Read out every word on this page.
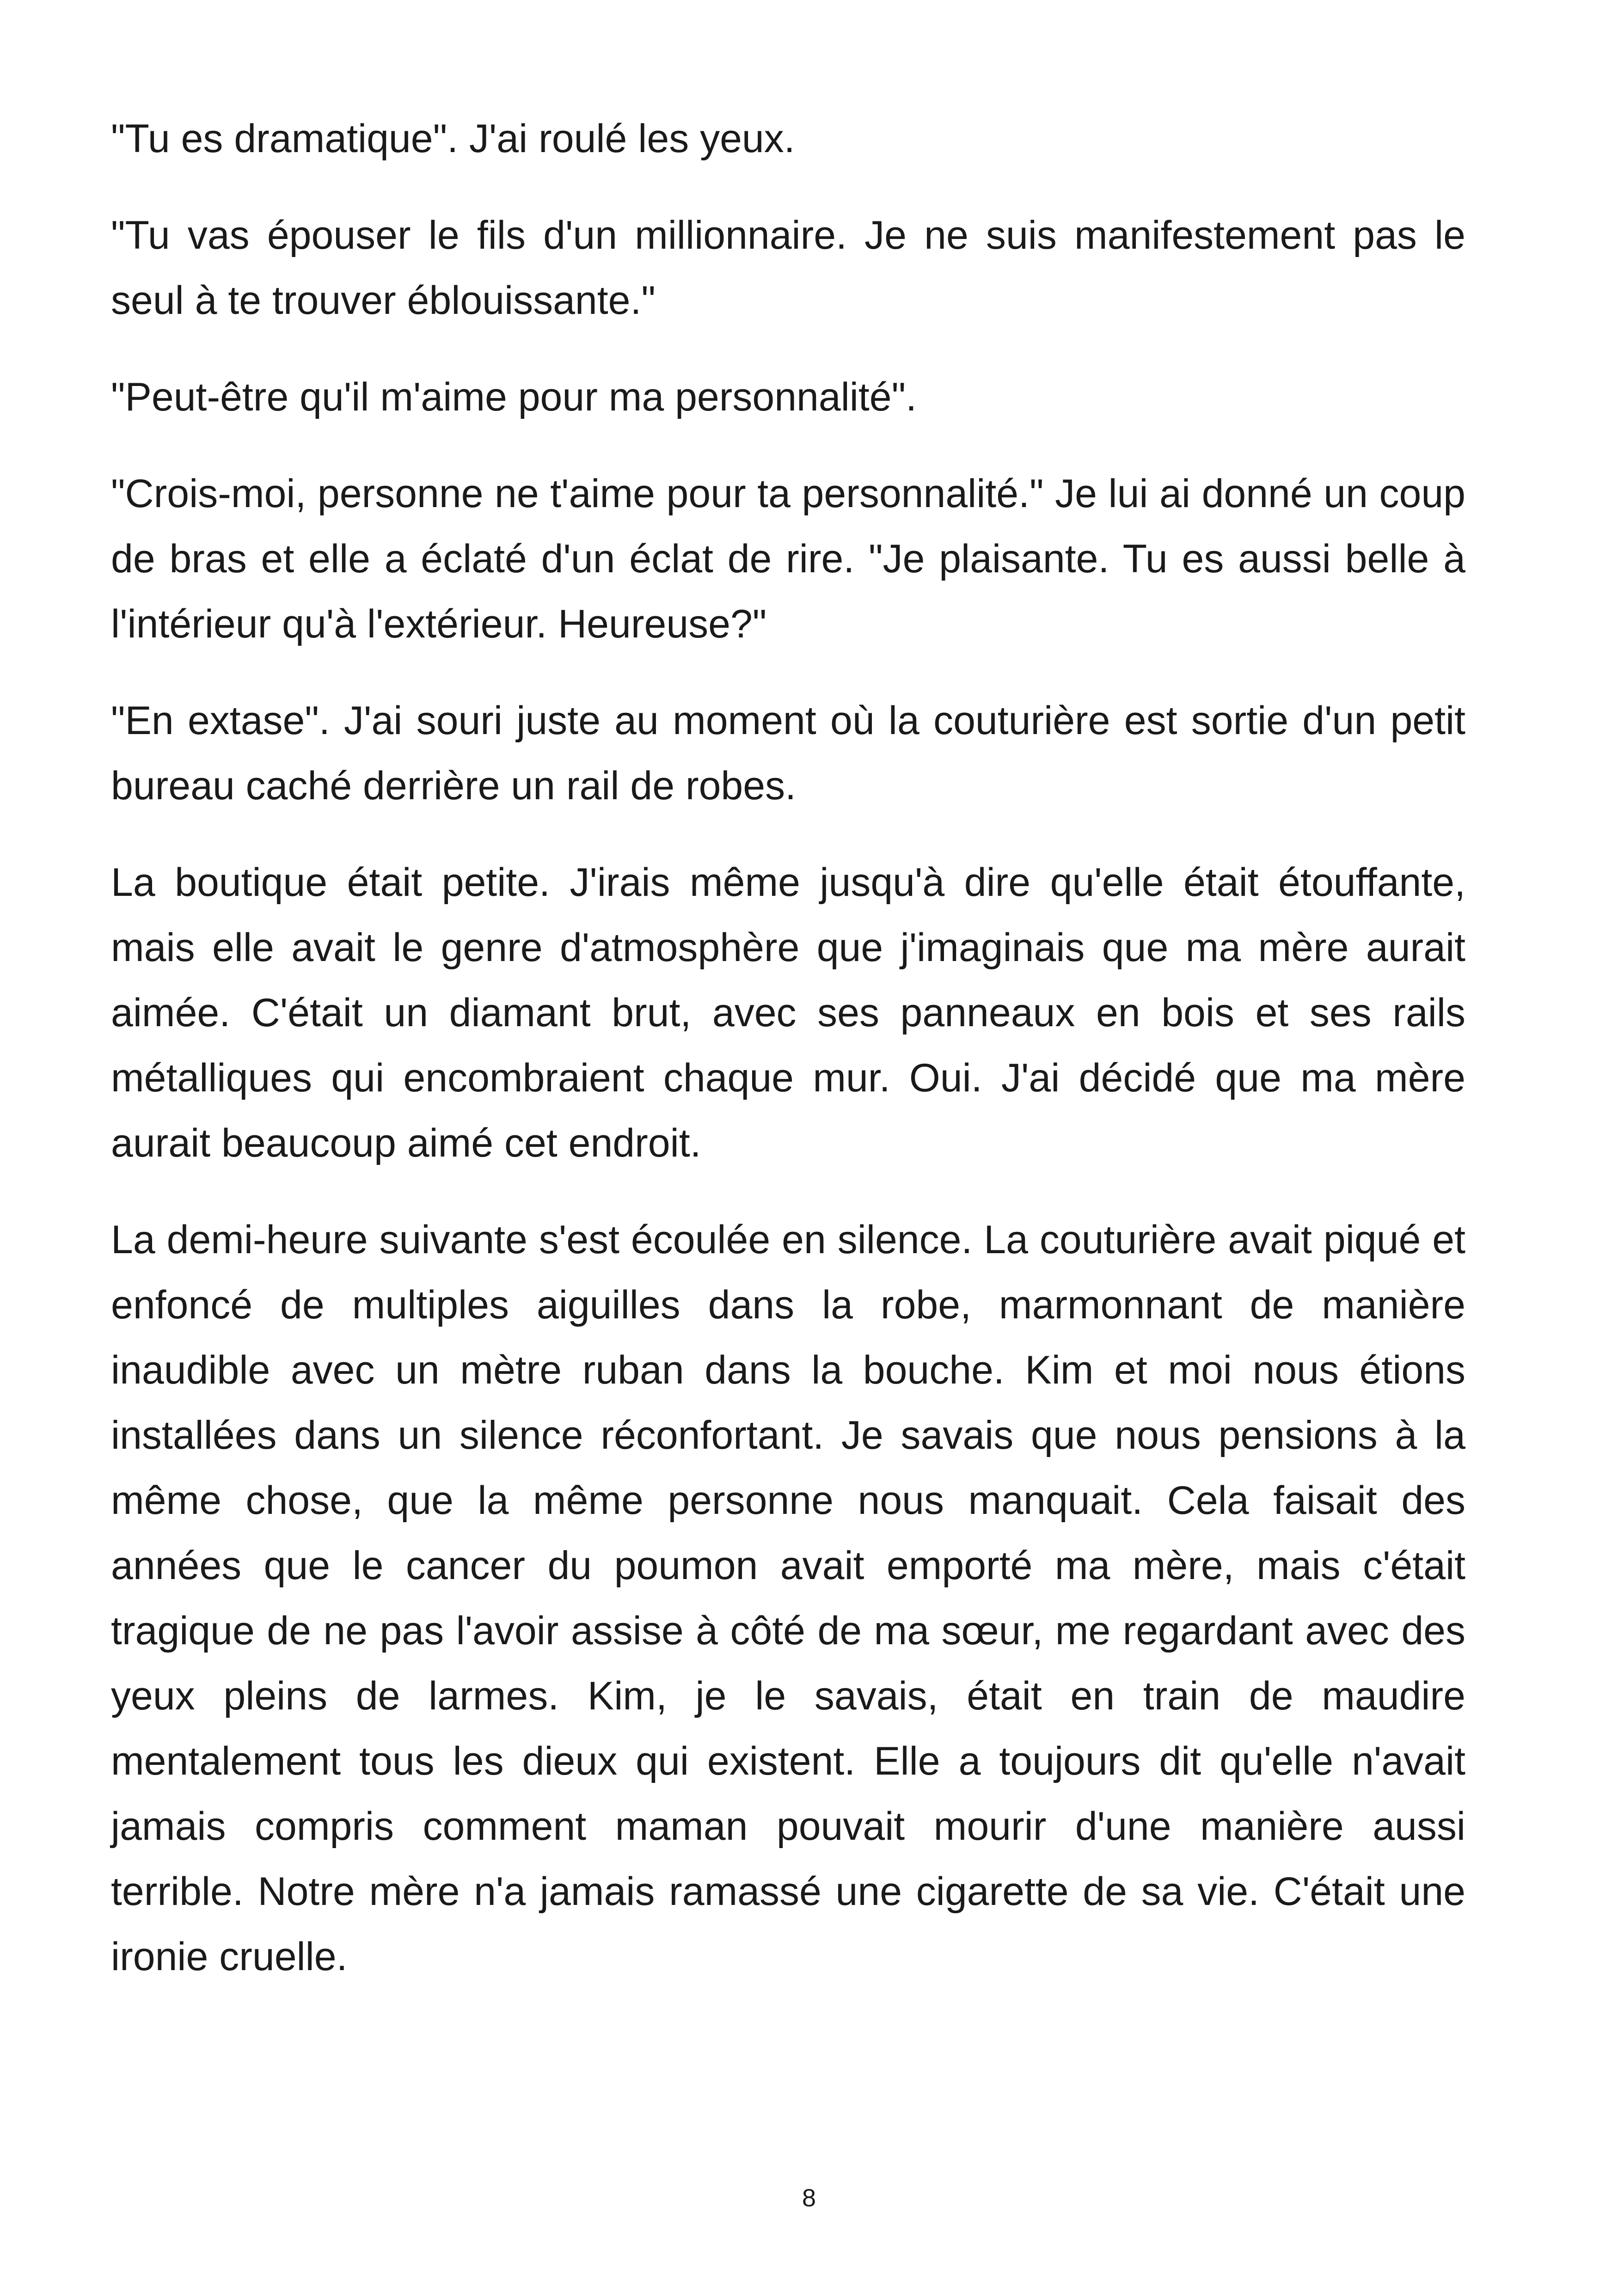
"Tu es dramatique". J'ai roulé les yeux.

"Tu vas épouser le fils d'un millionnaire. Je ne suis manifestement pas le seul à te trouver éblouissante."

"Peut-être qu'il m'aime pour ma personnalité".

"Crois-moi, personne ne t'aime pour ta personnalité." Je lui ai donné un coup de bras et elle a éclaté d'un éclat de rire. "Je plaisante. Tu es aussi belle à l'intérieur qu'à l'extérieur. Heureuse?"

"En extase". J'ai souri juste au moment où la couturière est sortie d'un petit bureau caché derrière un rail de robes.

La boutique était petite. J'irais même jusqu'à dire qu'elle était étouffante, mais elle avait le genre d'atmosphère que j'imaginais que ma mère aurait aimée. C'était un diamant brut, avec ses panneaux en bois et ses rails métalliques qui encombraient chaque mur. Oui. J'ai décidé que ma mère aurait beaucoup aimé cet endroit.

La demi-heure suivante s'est écoulée en silence. La couturière avait piqué et enfoncé de multiples aiguilles dans la robe, marmonnant de manière inaudible avec un mètre ruban dans la bouche. Kim et moi nous étions installées dans un silence réconfortant. Je savais que nous pensions à la même chose, que la même personne nous manquait. Cela faisait des années que le cancer du poumon avait emporté ma mère, mais c'était tragique de ne pas l'avoir assise à côté de ma sœur, me regardant avec des yeux pleins de larmes. Kim, je le savais, était en train de maudire mentalement tous les dieux qui existent. Elle a toujours dit qu'elle n'avait jamais compris comment maman pouvait mourir d'une manière aussi terrible. Notre mère n'a jamais ramassé une cigarette de sa vie. C'était une ironie cruelle.

8
